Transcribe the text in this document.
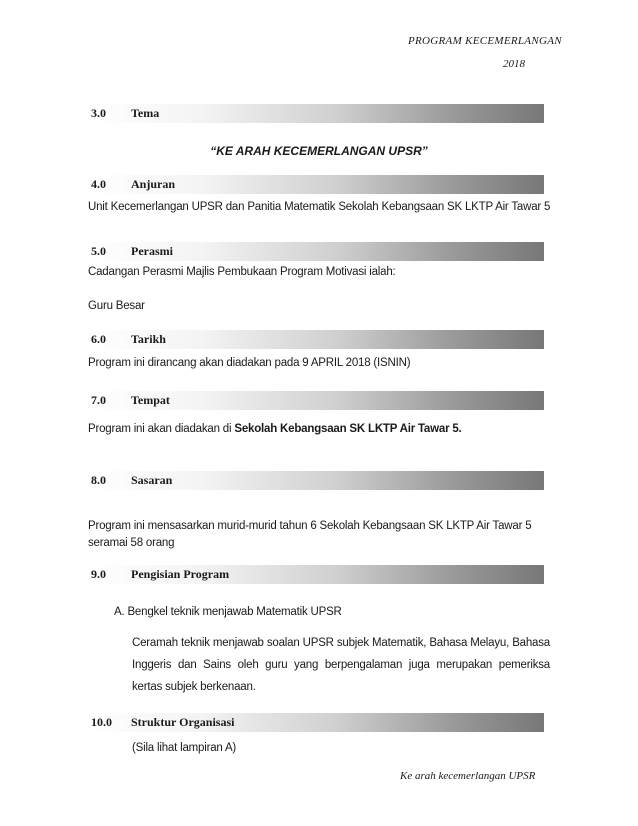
PROGRAM KECEMERLANGAN
2018
3.0 Tema
“KE ARAH KECEMERLANGAN UPSR”
4.0 Anjuran
Unit Kecemerlangan UPSR dan Panitia Matematik Sekolah Kebangsaan SK LKTP Air Tawar 5
5.0 Perasmi
Cadangan Perasmi Majlis Pembukaan Program Motivasi ialah:
Guru Besar
6.0 Tarikh
Program ini dirancang akan diadakan pada 9 APRIL 2018 (ISNIN)
7.0 Tempat
Program ini akan diadakan di Sekolah Kebangsaan SK LKTP Air Tawar 5.
8.0 Sasaran
Program ini mensasarkan murid-murid tahun 6 Sekolah Kebangsaan SK LKTP Air Tawar 5 seramai 58 orang
9.0 Pengisian Program
A. Bengkel teknik menjawab Matematik UPSR
Ceramah teknik menjawab soalan UPSR subjek Matematik, Bahasa Melayu, Bahasa Inggeris dan Sains oleh guru yang berpengalaman juga merupakan pemeriksa kertas subjek berkenaan.
10.0 Struktur Organisasi
(Sila lihat lampiran A)
Ke arah kecemerlangan UPSR
